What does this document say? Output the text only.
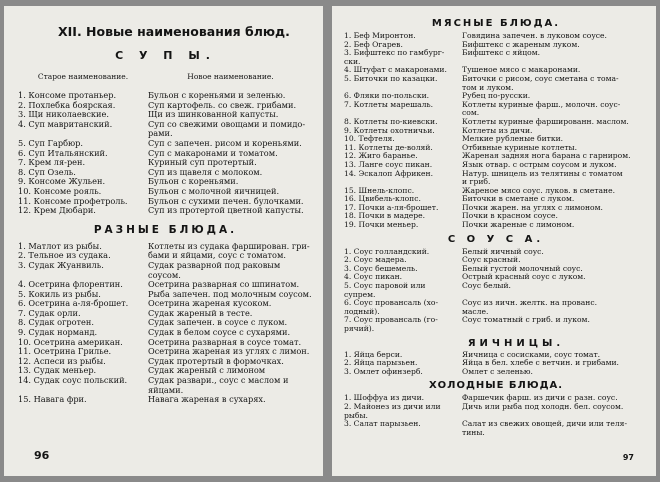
XII. Новые наименования блюд.
С У П Ы.
Старое наименование.	Новое наименование.
1. Консоме протаньер.	Бульон с кореньями и зеленью.
2. Похлебка боярская.	Суп картофель. со свеж. грибами.
3. Щи николаевские.	Щи из шинкованной капусты.
4. Суп мавританский.	Суп со свежими овощами и помидо-
рами.
5. Суп Гарбюр.	Суп с запечен. рисом и кореньями.
6. Суп Итальянский.	Суп с макаронами и томатом.
7. Крем ля-рен.	Куриный суп протертый.
8. Суп Озель.	Суп из щавеля с молоком.
9. Консоме Жульен.	Бульон с кореньями.
10. Консоме рояль.	Бульон с молочной яичницей.
11. Консоме профетроль.	Бульон с сухими печен. булочками.
12. Крем Дюбари.	Суп из протертой цветной капусты.
РАЗНЫЕ БЛЮДА.
1. Матлот из рыбы.	Котлеты из судака фарширован. гри-
2. Тельное из судака.	бами и яйцами, соус с томатом.
3. Судак Жуанвиль.	Судак разварной под раковым соусом.
4. Осетрина флорентин.	Осетрина разварная со шпинатом.
5. Кокиль из рыбы.	Рыба запечен. под молочным соусом.
6. Осетрина а-ля-брошет.	Осетрина жареная кусоком.
7. Судак орли.	Судак жареный в тесте.
8. Судак огротен.	Судак запечен. в соусе с луком.
9. Судак норманд.	Судак в белом соусе с сухарями.
10. Осетрина американ.	Осетрина разварная в соусе томат.
11. Осетрина Грилье.	Осетрина жареная из углях с лимон.
12. Аспеси из рыбы.	Судак протертый в формочках.
13. Судак меньер.	Судак жареный с лимоном
14. Судак соус польский.	Судак развари., соус с маслом и яйцами.
15. Навага фри.	Навага жареная в сухарях.
96
МЯСНЫЕ БЛЮДА.
1. Беф Миронтон.	Говядина запечен. в луковом соусе.
2. Беф Огарев.	Бифштекс с жареным луком.
3. Бифштекс по гамбург-	Бифштекс с яйцом.
ски.
4. Штуфат с макаронами.	Тушеное мясо с макаронами.
5. Биточки по казацки.	Биточки с рисом, соус сметана с тома-
том и луком.
6. Фляки по-польски.	Рубец по-русски.
7. Котлеты марешаль.	Котлеты куриные фарш., молочн. соус-
сом.
8. Котлеты по-киевски.	Котлеты куриные фаршированн. маслом.
9. Котлеты охотничьи.	Котлеты из дичи.
10. Тефтеля.	Мелкие рубленые битки.
11. Котлеты де-воляй.	Отбивные куриные котлеты.
12. Жиго баранье.	Жареная задняя нога барана с гарниром.
13. Ланге соус пикан.	Язык отвар. с острым соусом и луком.
14. Эскалоп Африкен.	Натур. шницель из телятины с томатом
и гриб.
15. Шнель-клопс.	Жареное мясо соус. луков. в сметане.
16. Цвибель-клопс.	Биточки в сметане с луком.
17. Почки а-ля-брошет.	Почки жарен. на углях с лимоном.
18. Почки в мадере.	Почки в красном соусе.
19. Почки меньер.	Почки жареные с лимоном.
С О У С А.
1. Соус голландский.	Белый яичный соус.
2. Соус мадера.	Соус красный.
3. Соус бешемель.	Белый густой молочный соус.
4. Соус пикан.	Острый красный соус с луком.
5. Соус паровой или	Соус белый.
супрем.
6. Соус провансаль (хо-	Соус из яичн. желтк. на прованс.
лодный).	масле.
7. Соус провансаль (го-	Соус томатный с гриб. и луком.
рячий).
ЯИЧНИЦЫ.
1. Яйца берси.	Яичница с сосисками, соус томат.
2. Яйца парызьен.	Яйца в бел. хлебе с ветчин. и грибами.
3. Омлет офинзерб.	Омлет с зеленью.
ХОЛОДНЫЕ БЛЮДА.
1. Шоффуа из дичи.	Фаршечик фарш. из дичи с разн. соус.
2. Майонез из дичи или	Дичь или рыба под холодн. бел. соусом.
рыбы.
3. Салат парызьен.	Салат из свежих овощей, дичи или теля-
тины.
97
